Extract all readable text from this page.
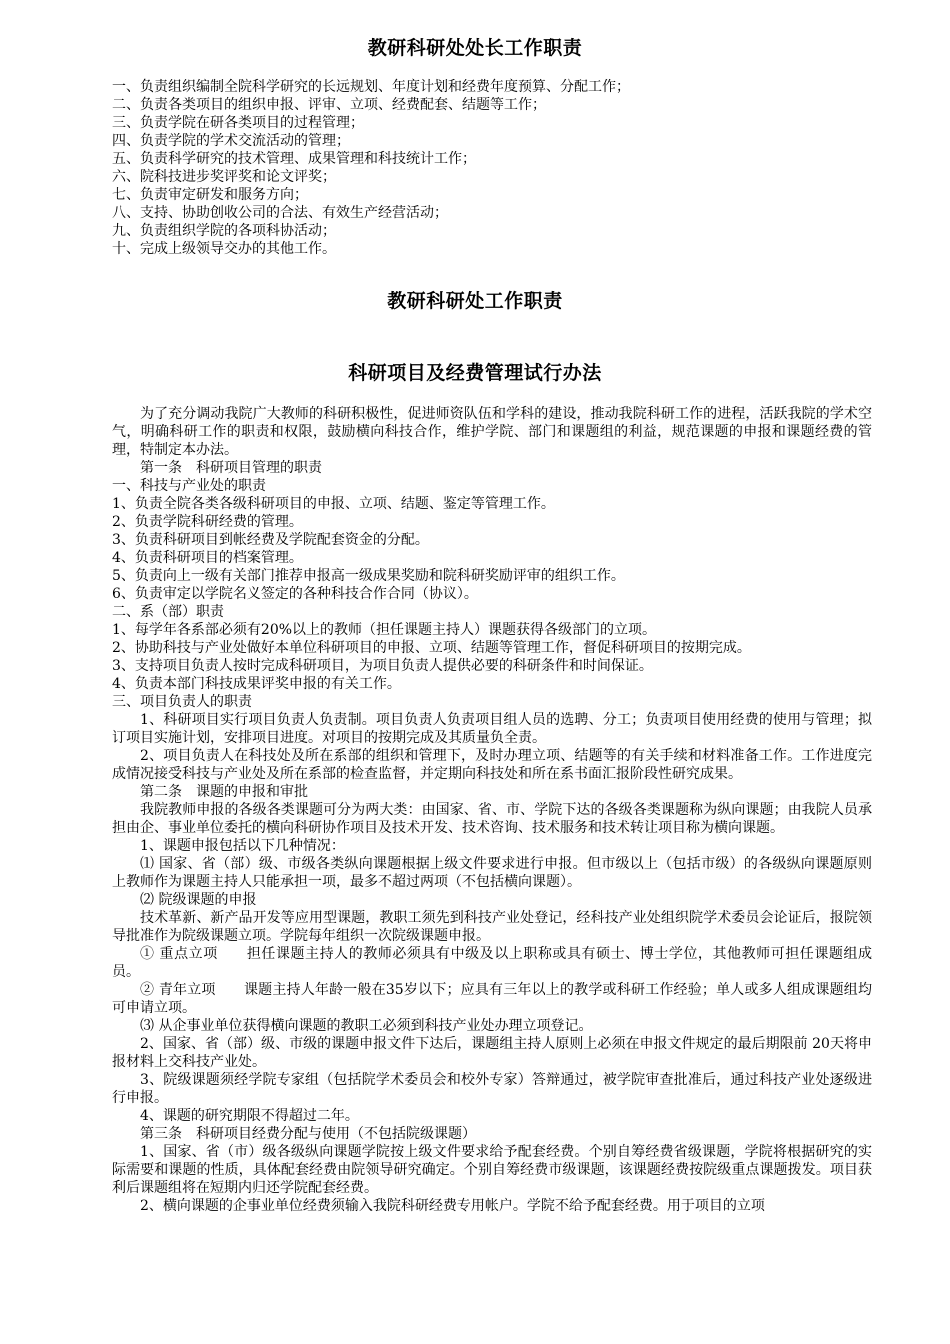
教研科研处处长工作职责

一、负责组织编制全院科学研究的长远规划、年度计划和经费年度预算、分配工作；

二、负责各类项目的组织申报、评审、立项、经费配套、结题等工作；

三、负责学院在研各类项目的过程管理；

四、负责学院的学术交流活动的管理；

五、负责科学研究的技术管理、成果管理和科技统计工作；

六、院科技进步奖评奖和论文评奖；

七、负责审定研发和服务方向；

八、支持、协助创收公司的合法、有效生产经营活动；

九、负责组织学院的各项科协活动；

十、完成上级领导交办的其他工作。

教研科研处工作职责
科研项目及经费管理试行办法

为了充分调动我院广大教师的科研积极性，促进师资队伍和学科的建设，推动我院科研工作的进程，活跃我院的学术空气，明确科研工作的职责和权限，鼓励横向科技合作，维护学院、部门和课题组的利益，规范课题的申报和课题经费的管理，特制定本办法。

第一条　科研项目管理的职责

一、科技与产业处的职责

1、负责全院各类各级科研项目的申报、立项、结题、鉴定等管理工作。

2、负责学院科研经费的管理。

3、负责科研项目到帐经费及学院配套资金的分配。

4、负责科研项目的档案管理。

5、负责向上一级有关部门推荐申报高一级成果奖励和院科研奖励评审的组织工作。

6、负责审定以学院名义签定的各种科技合作合同（协议）。

二、系（部）职责

1、每学年各系部必须有20%以上的教师（担任课题主持人）课题获得各级部门的立项。

2、协助科技与产业处做好本单位科研项目的申报、立项、结题等管理工作，督促科研项目的按期完成。

3、支持项目负责人按时完成科研项目，为项目负责人提供必要的科研条件和时间保证。

4、负责本部门科技成果评奖申报的有关工作。

三、项目负责人的职责

1、科研项目实行项目负责人负责制。项目负责人负责项目组人员的选聘、分工；负责项目使用经费的使用与管理；拟订项目实施计划，安排项目进度。对项目的按期完成及其质量负全责。

2、项目负责人在科技处及所在系部的组织和管理下，及时办理立项、结题等的有关手续和材料准备工作。工作进度完成情况接受科技与产业处及所在系部的检查监督，并定期向科技处和所在系书面汇报阶段性研究成果。

第二条　课题的申报和审批

我院教师申报的各级各类课题可分为两大类：由国家、省、市、学院下达的各级各类课题称为纵向课题；由我院人员承担由企、事业单位委托的横向科研协作项目及技术开发、技术咨询、技术服务和技术转让项目称为横向课题。

1、课题申报包括以下几种情况：

⑴ 国家、省（部）级、市级各类纵向课题根据上级文件要求进行申报。但市级以上（包括市级）的各级纵向课题原则上教师作为课题主持人只能承担一项，最多不超过两项（不包括横向课题）。

⑵ 院级课题的申报

技术革新、新产品开发等应用型课题，教职工须先到科技产业处登记，经科技产业处组织院学术委员会论证后，报院领导批准作为院级课题立项。学院每年组织一次院级课题申报。

① 重点立项　　担任课题主持人的教师必须具有中级及以上职称或具有硕士、博士学位，其他教师可担任课题组成员。

② 青年立项　　课题主持人年龄一般在35岁以下；应具有三年以上的教学或科研工作经验；单人或多人组成课题组均可申请立项。

⑶ 从企事业单位获得横向课题的教职工必须到科技产业处办理立项登记。

2、国家、省（部）级、市级的课题申报文件下达后，课题组主持人原则上必须在申报文件规定的最后期限前 20天将申报材料上交科技产业处。

3、院级课题须经学院专家组（包括院学术委员会和校外专家）答辩通过，被学院审查批准后，通过科技产业处逐级进行申报。

4、课题的研究期限不得超过二年。

第三条　科研项目经费分配与使用（不包括院级课题）

1、国家、省（市）级各级纵向课题学院按上级文件要求给予配套经费。个别自筹经费省级课题，学院将根据研究的实际需要和课题的性质，具体配套经费由院领导研究确定。个别自筹经费市级课题，该课题经费按院级重点课题拨发。项目获利后课题组将在短期内归还学院配套经费。

2、横向课题的企事业单位经费须输入我院科研经费专用帐户。学院不给予配套经费。用于项目的立项
